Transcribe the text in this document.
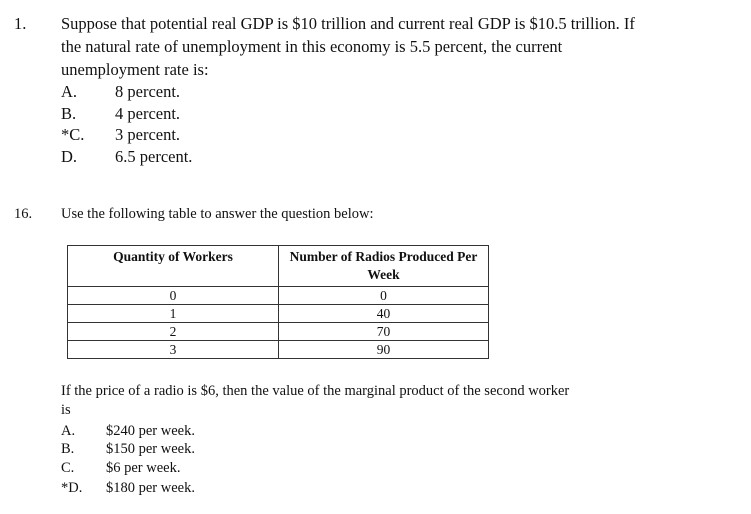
1. Suppose that potential real GDP is $10 trillion and current real GDP is $10.5 trillion. If
the natural rate of unemployment in this economy is 5.5 percent, the current
unemployment rate is:
A. 8 percent.
B. 4 percent.
*C. 3 percent.
D. 6.5 percent.
16. Use the following table to answer the question below:
Quantity of Workers	Number of Radios Produced Per Week
0	0
1	40
2	70
3	90
If the price of a radio is $6, then the value of the marginal product of the second worker
is
A. $240 per week.
B. $150 per week.
C. $6 per week.
*D. $180 per week.
